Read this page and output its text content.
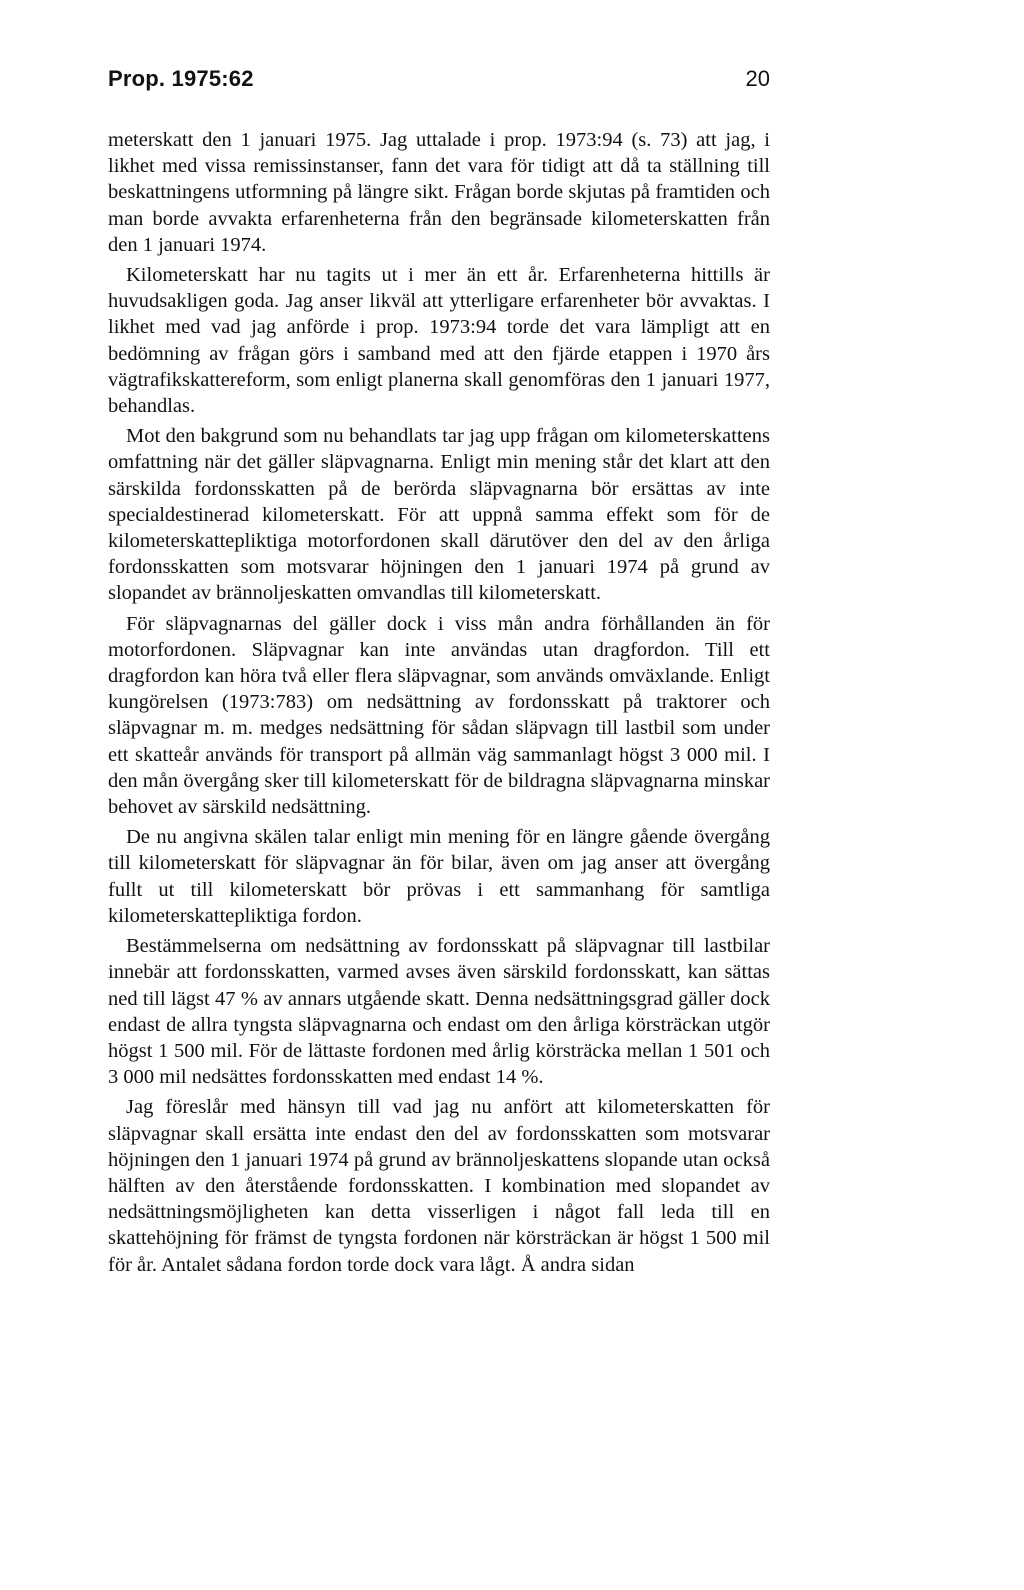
Prop. 1975:62	20

meterskatt den 1 januari 1975. Jag uttalade i prop. 1973:94 (s. 73) att jag, i likhet med vissa remissinstanser, fann det vara för tidigt att då ta ställning till beskattningens utformning på längre sikt. Frågan borde skjutas på framtiden och man borde avvakta erfarenheterna från den begränsade kilometerskatten från den 1 januari 1974.

Kilometerskatt har nu tagits ut i mer än ett år. Erfarenheterna hittills är huvudsakligen goda. Jag anser likväl att ytterligare erfarenheter bör avvaktas. I likhet med vad jag anförde i prop. 1973:94 torde det vara lämpligt att en bedömning av frågan görs i samband med att den fjärde etappen i 1970 års vägtrafikskattereform, som enligt planerna skall genomföras den 1 januari 1977, behandlas.

Mot den bakgrund som nu behandlats tar jag upp frågan om kilometerskattens omfattning när det gäller släpvagnarna. Enligt min mening står det klart att den särskilda fordonsskatten på de berörda släpvagnarna bör ersättas av inte specialdestinerad kilometerskatt. För att uppnå samma effekt som för de kilometerskattepliktiga motorfordonen skall därutöver den del av den årliga fordonsskatten som motsvarar höjningen den 1 januari 1974 på grund av slopandet av brännoljeskatten omvandlas till kilometerskatt.

För släpvagnarnas del gäller dock i viss mån andra förhållanden än för motorfordonen. Släpvagnar kan inte användas utan dragfordon. Till ett dragfordon kan höra två eller flera släpvagnar, som används omväxlande. Enligt kungörelsen (1973:783) om nedsättning av fordonsskatt på traktorer och släpvagnar m. m. medges nedsättning för sådan släpvagn till lastbil som under ett skatteår används för transport på allmän väg sammanlagt högst 3 000 mil. I den mån övergång sker till kilometerskatt för de bildragna släpvagnarna minskar behovet av särskild nedsättning.

De nu angivna skälen talar enligt min mening för en längre gående övergång till kilometerskatt för släpvagnar än för bilar, även om jag anser att övergång fullt ut till kilometerskatt bör prövas i ett sammanhang för samtliga kilometerskattepliktiga fordon.

Bestämmelserna om nedsättning av fordonsskatt på släpvagnar till lastbilar innebär att fordonsskatten, varmed avses även särskild fordonsskatt, kan sättas ned till lägst 47 % av annars utgående skatt. Denna nedsättningsgrad gäller dock endast de allra tyngsta släpvagnarna och endast om den årliga körsträckan utgör högst 1 500 mil. För de lättaste fordonen med årlig körsträcka mellan 1 501 och 3 000 mil nedsättes fordonsskatten med endast 14 %.

Jag föreslår med hänsyn till vad jag nu anfört att kilometerskatten för släpvagnar skall ersätta inte endast den del av fordonsskatten som motsvarar höjningen den 1 januari 1974 på grund av brännoljeskattens slopande utan också hälften av den återstående fordonsskatten. I kombination med slopandet av nedsättningsmöjligheten kan detta visserligen i något fall leda till en skattehöjning för främst de tyngsta fordonen när körsträckan är högst 1 500 mil för år. Antalet sådana fordon torde dock vara lågt. Å andra sidan
